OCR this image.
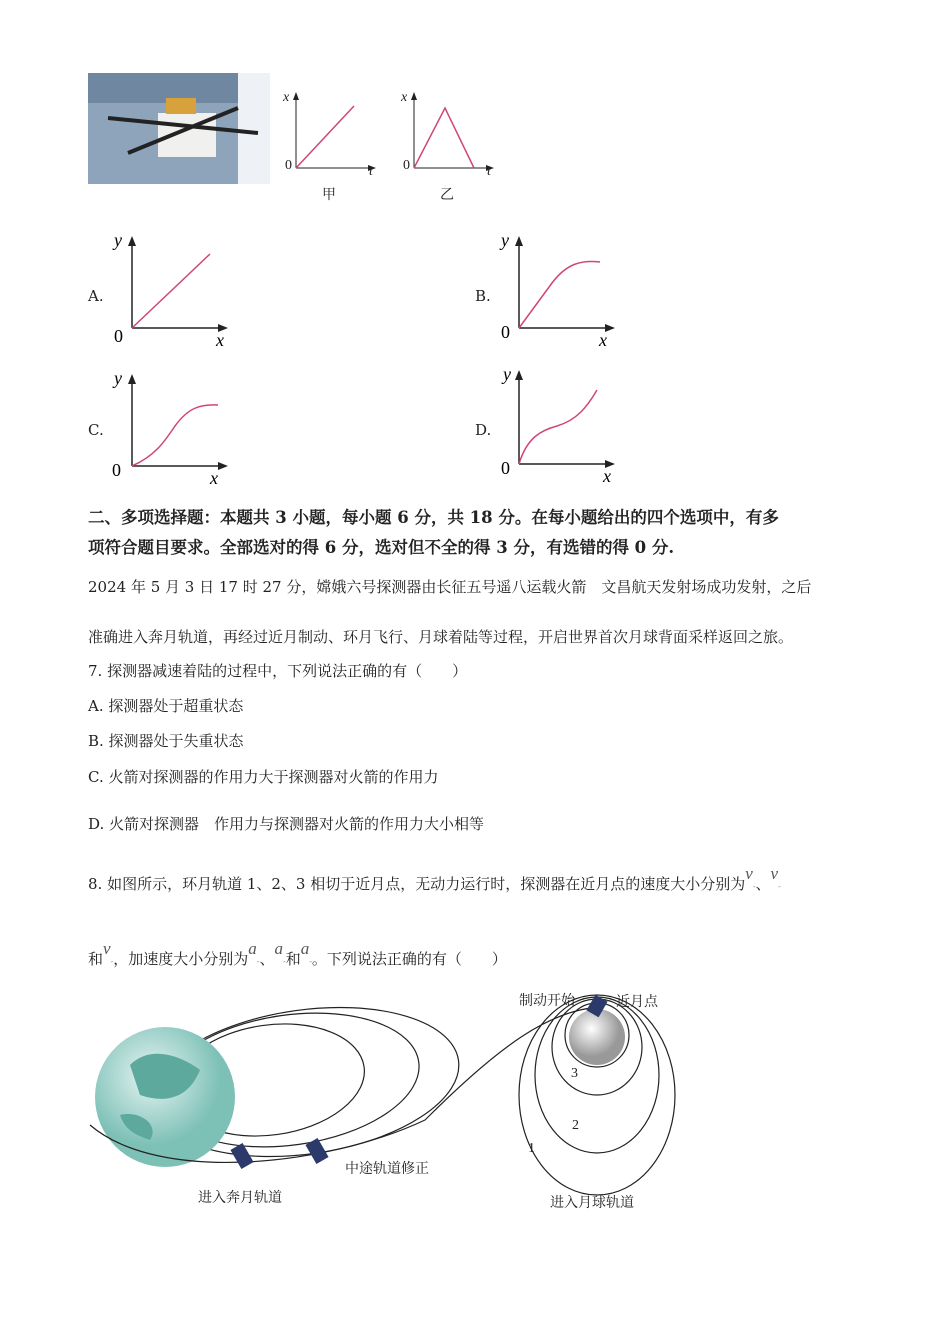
x
0	t
甲
x
0	t
乙
A.
y
0	x
B.
y
0	x
C.
y
0	x
D.
y
0	x
二、多项选择题：本题共 3 小题，每小题 6 分，共 18 分。在每小题给出的四个选项中，有多
项符合题目要求。全部选对的得 6 分，选对但不全的得 3 分，有选错的得 0 分.
2024 年 5 月 3 日 17 时 27 分，嫦娥六号探测器由长征五号遥八运载火箭　文昌航天发射场成功发射，之后
准确进入奔月轨道，再经过近月制动、环月飞行、月球着陆等过程，开启世界首次月球背面采样返回之旅。
7. 探测器减速着陆的过程中，下列说法正确的有（　　）
A. 探测器处于超重状态
B. 探测器处于失重状态
C. 火箭对探测器的作用力大于探测器对火箭的作用力
D. 火箭对探测器　作用力与探测器对火箭的作用力大小相等
8. 如图所示，环月轨道 1、2、3 相切于近月点，无动力运行时，探测器在近月点的速度大小分别为v-、v-
和v-，加速度大小分别为a-、a-和a-。下列说法正确的有（　　）
制动开始	近月点
3
2
1
中途轨道修正
进入奔月轨道	进入月球轨道
